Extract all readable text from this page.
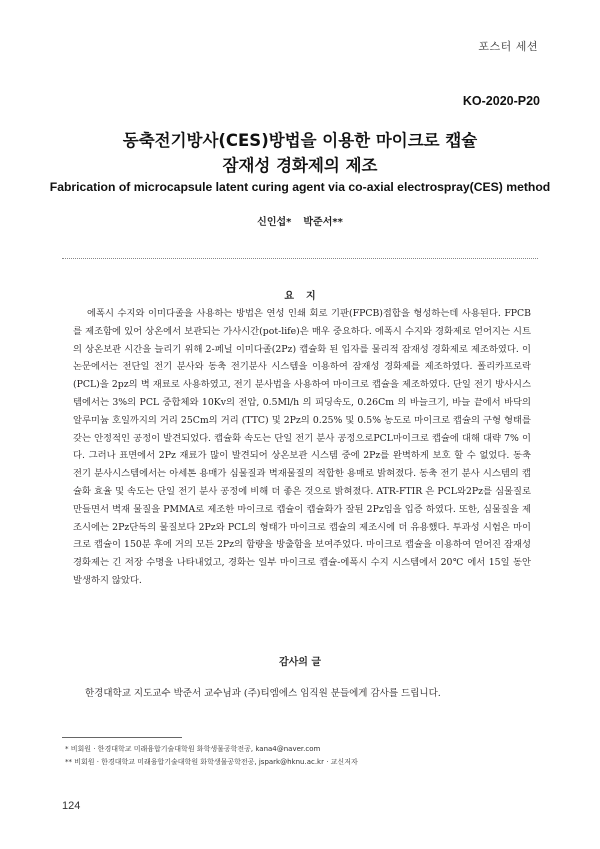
포스터 세션
KO-2020-P20
동축전기방사(CES)방법을 이용한 마이크로 캡슐
잠재성 경화제의 제조
Fabrication of microcapsule latent curing agent via co-axial electrospray(CES) method
신인섭* 박준서**
요 지

에폭시 수지와 이미다졸을 사용하는 방법은 연성 인쇄 회로 기판(FPCB)접합을 형성하는데 사용된다. FPCB를 제조함에 있어 상온에서 보관되는 가사시간(pot-life)은 매우 중요하다. 에폭시 수지와 경화제로 얻어지는 시트의 상온보관 시간을 늘리기 위해 2-페닐 이미다졸(2Pz) 캡슐화 된 입자를 물리적 잠재성 경화제로 제조하였다. 이 논문에서는 전단일 전기 분사와 동축 전기분사 시스템을 이용하여 잠재성 경화제를 제조하였다. 폴리카프로락 (PCL)을 2pz의 벽 재료로 사용하였고, 전기 분사법을 사용하여 마이크로 캡슐을 제조하였다. 단일 전기 방사시스템에서는 3%의 PCL 중합체와 10Kv의 전압, 0.5Ml/h 의 피딩속도, 0.26Cm 의 바늘크기, 바늘 끝에서 바닥의 알루미늄 호일까지의 거리 25Cm의 거리 (TTC) 및 2Pz의 0.25% 및 0.5% 농도로 마이크로 캡슐의 구형 형태를 갖는 안정적인 공정이 발견되었다. 캡슐화 속도는 단일 전기 분사 공정으로PCL마이크로 캡슐에 대해 대략 7% 이다. 그러나 표면에서 2Pz 재료가 많이 발견되어 상온보관 시스템 중에 2Pz를 완벽하게 보호 할 수 없었다. 동축 전기 분사시스템에서는 아세톤 용매가 심물질과 벽재물질의 적합한 용매로 밝혀졌다. 동축 전기 분사 시스템의 캡슐화 효율 및 속도는 단일 전기 분사 공정에 비해 더 좋은 것으로 밝혀졌다. ATR-FTIR 은 PCL와2Pz를 심물질로 만들면서 벽재 물질을 PMMA로 제조한 마이크로 캡슐이 캡슐화가 잘된 2Pz임을 입증 하였다. 또한, 심물질을 제조시에는 2Pz단독의 물질보다 2Pz와 PCL의 형태가 마이크로 캡슐의 제조시에 더 유용했다. 투과성 시험은 마이크로 캡슐이 150분 후에 거의 모든 2Pz의 함량을 방출함을 보여주었다. 마이크로 캡슐을 이용하여 얻어진 잠재성 경화제는 긴 저장 수명을 나타내었고, 경화는 일부 마이크로 캡슐-에폭시 수지 시스템에서 20℃ 에서 15일 동안 발생하지 않았다.

감사의 글
한경대학교 지도교수 박준서 교수님과 (주)티엠에스 임직원 분들에게 감사를 드립니다.
* 비회원 · 한경대학교 미래융합기술대학원 화학생물공학전공, kana4@naver.com
** 비회원 · 한경대학교 미래융합기술대학원 화학생물공학전공, jspark@hknu.ac.kr · 교신저자
124
